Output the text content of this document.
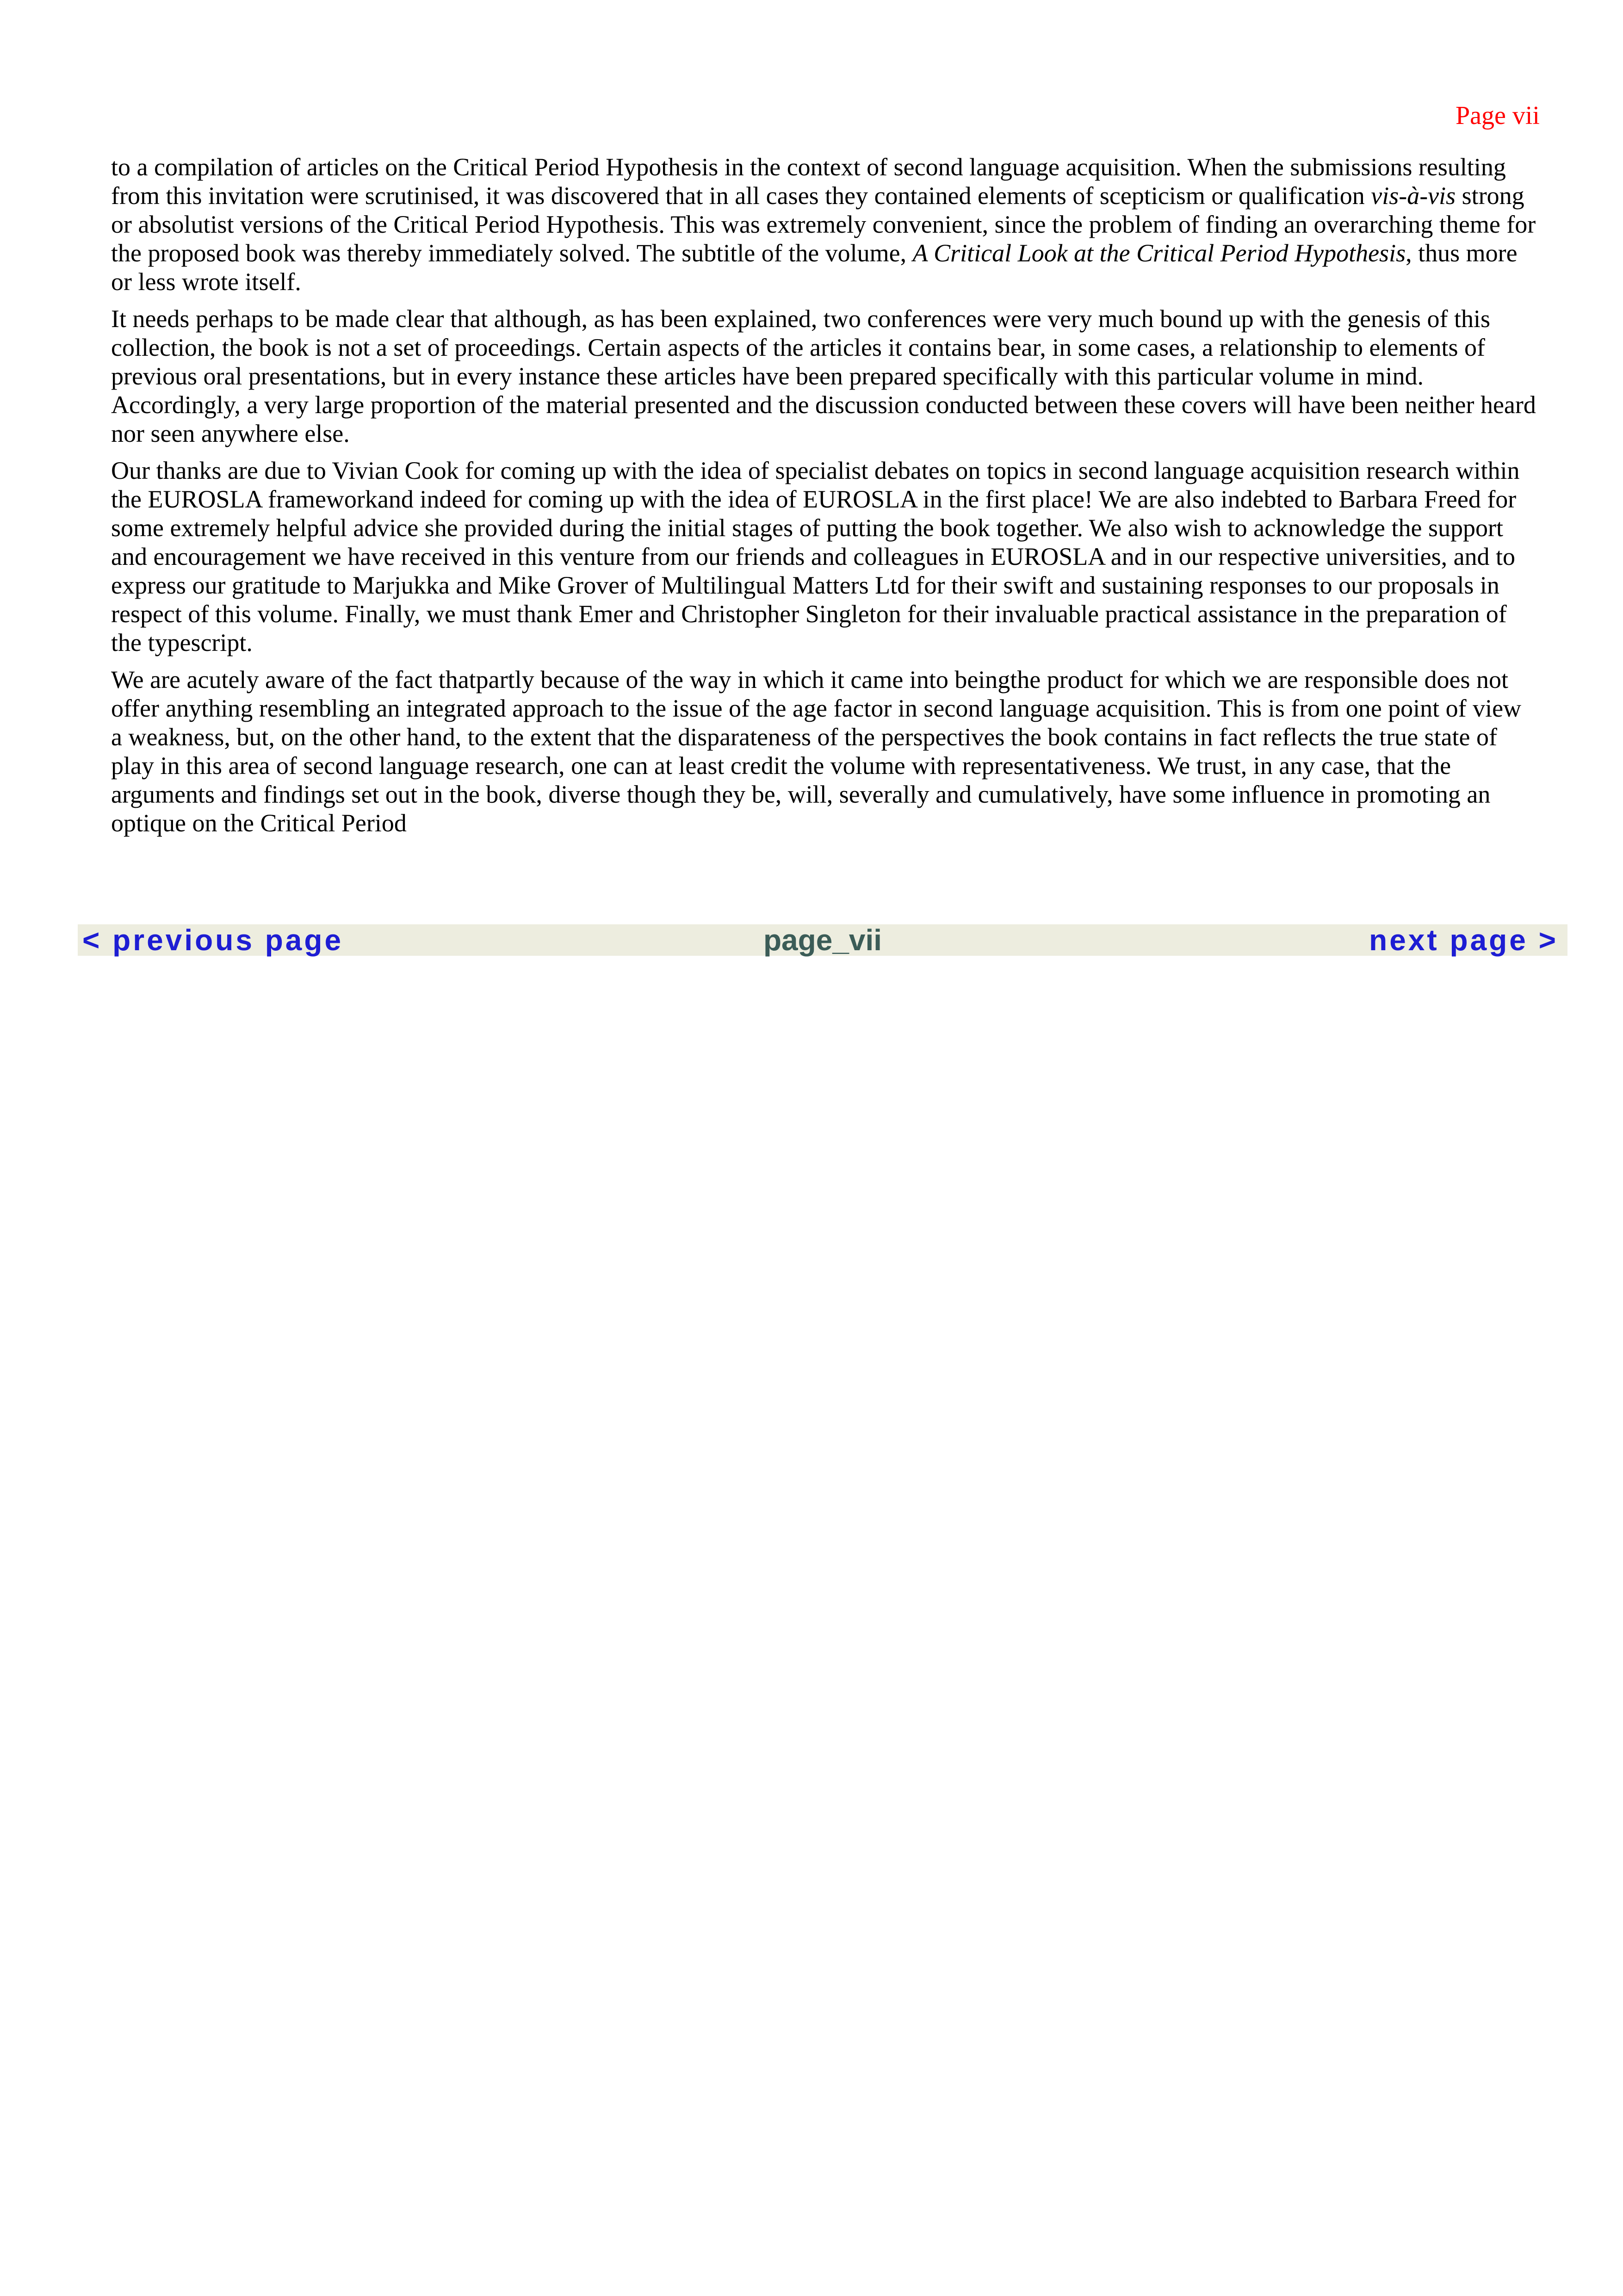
Page vii

to a compilation of articles on the Critical Period Hypothesis in the context of second language acquisition. When the submissions resulting from this invitation were scrutinised, it was discovered that in all cases they contained elements of scepticism or qualification vis-à-vis strong or absolutist versions of the Critical Period Hypothesis. This was extremely convenient, since the problem of finding an overarching theme for the proposed book was thereby immediately solved. The subtitle of the volume, A Critical Look at the Critical Period Hypothesis, thus more or less wrote itself.

It needs perhaps to be made clear that although, as has been explained, two conferences were very much bound up with the genesis of this collection, the book is not a set of proceedings. Certain aspects of the articles it contains bear, in some cases, a relationship to elements of previous oral presentations, but in every instance these articles have been prepared specifically with this particular volume in mind. Accordingly, a very large proportion of the material presented and the discussion conducted between these covers will have been neither heard nor seen anywhere else.

Our thanks are due to Vivian Cook for coming up with the idea of specialist debates on topics in second language acquisition research within the EUROSLA frameworkand indeed for coming up with the idea of EUROSLA in the first place! We are also indebted to Barbara Freed for some extremely helpful advice she provided during the initial stages of putting the book together. We also wish to acknowledge the support and encouragement we have received in this venture from our friends and colleagues in EUROSLA and in our respective universities, and to express our gratitude to Marjukka and Mike Grover of Multilingual Matters Ltd for their swift and sustaining responses to our proposals in respect of this volume. Finally, we must thank Emer and Christopher Singleton for their invaluable practical assistance in the preparation of the typescript.

We are acutely aware of the fact thatpartly because of the way in which it came into beingthe product for which we are responsible does not offer anything resembling an integrated approach to the issue of the age factor in second language acquisition. This is from one point of view a weakness, but, on the other hand, to the extent that the disparateness of the perspectives the book contains in fact reflects the true state of play in this area of second language research, one can at least credit the volume with representativeness. We trust, in any case, that the arguments and findings set out in the book, diverse though they be, will, severally and cumulatively, have some influence in promoting an optique on the Critical Period

< previous page	page_vii	next page >
